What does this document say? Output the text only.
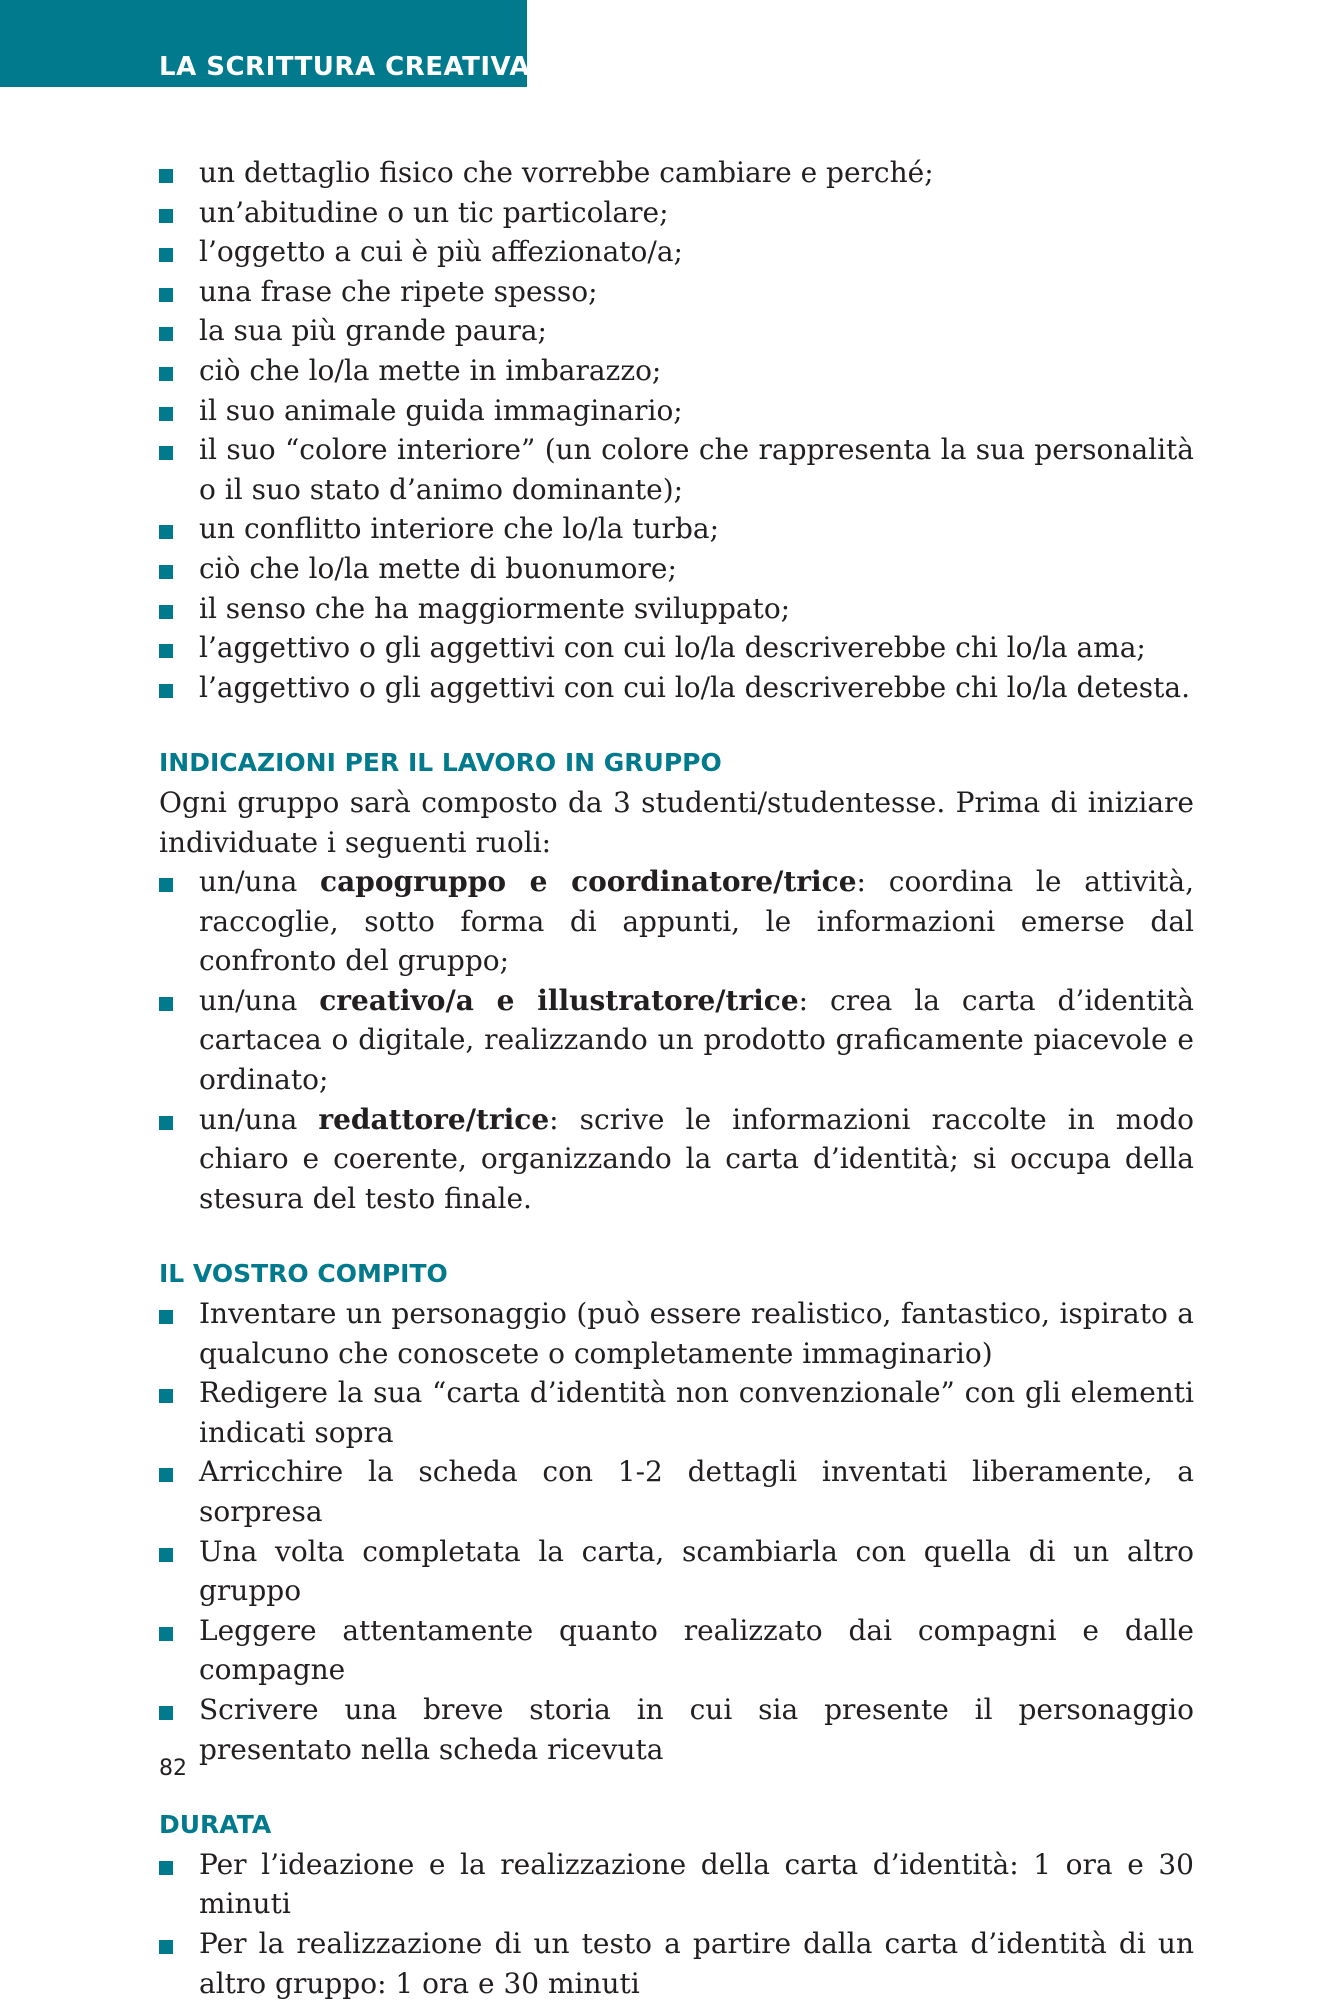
LA SCRITTURA CREATIVA
un dettaglio fisico che vorrebbe cambiare e perché;
un’abitudine o un tic particolare;
l’oggetto a cui è più affezionato/a;
una frase che ripete spesso;
la sua più grande paura;
ciò che lo/la mette in imbarazzo;
il suo animale guida immaginario;
il suo “colore interiore” (un colore che rappresenta la sua personalità o il suo stato d’animo dominante);
un conflitto interiore che lo/la turba;
ciò che lo/la mette di buonumore;
il senso che ha maggiormente sviluppato;
l’aggettivo o gli aggettivi con cui lo/la descriverebbe chi lo/la ama;
l’aggettivo o gli aggettivi con cui lo/la descriverebbe chi lo/la detesta.
INDICAZIONI PER IL LAVORO IN GRUPPO

Ogni gruppo sarà composto da 3 studenti/studentesse. Prima di iniziare individuate i seguenti ruoli:

un/una capogruppo e coordinatore/trice: coordina le attività, raccoglie, sotto forma di appunti, le informazioni emerse dal confronto del gruppo;
un/una creativo/a e illustratore/trice: crea la carta d’identità cartacea o digitale, realizzando un prodotto graficamente piacevole e ordinato;
un/una redattore/trice: scrive le informazioni raccolte in modo chiaro e coerente, organizzando la carta d’identità; si occupa della stesura del testo finale.
IL VOSTRO COMPITO
Inventare un personaggio (può essere realistico, fantastico, ispirato a qualcuno che conoscete o completamente immaginario)
Redigere la sua “carta d’identità non convenzionale” con gli elementi indicati sopra
Arricchire la scheda con 1-2 dettagli inventati liberamente, a sorpresa
Una volta completata la carta, scambiarla con quella di un altro gruppo
Leggere attentamente quanto realizzato dai compagni e dalle compagne
Scrivere una breve storia in cui sia presente il personaggio presentato nella scheda ricevuta
DURATA
Per l’ideazione e la realizzazione della carta d’identità: 1 ora e 30 minuti
Per la realizzazione di un testo a partire dalla carta d’identità di un altro gruppo: 1 ora e 30 minuti
82
